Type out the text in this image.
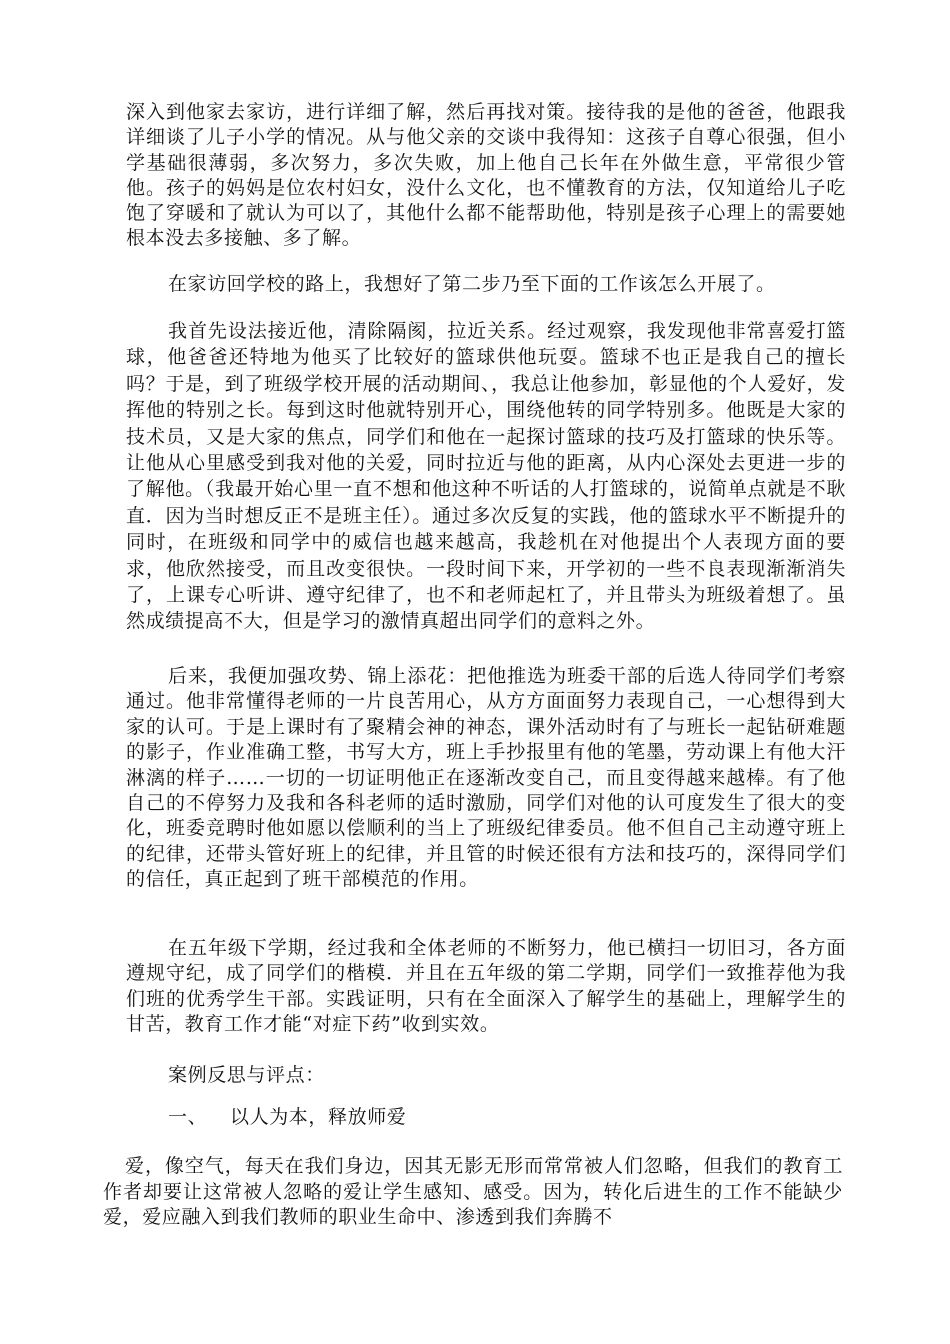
深入到他家去家访，进行详细了解，然后再找对策。接待我的是他的爸爸，他跟我详细谈了儿子小学的情况。从与他父亲的交谈中我得知：这孩子自尊心很强，但小学基础很薄弱，多次努力，多次失败，加上他自己长年在外做生意，平常很少管他。孩子的妈妈是位农村妇女，没什么文化，也不懂教育的方法，仅知道给儿子吃饱了穿暖和了就认为可以了，其他什么都不能帮助他，特别是孩子心理上的需要她根本没去多接触、多了解。

在家访回学校的路上，我想好了第二步乃至下面的工作该怎么开展了。

我首先设法接近他，清除隔阂，拉近关系。经过观察，我发现他非常喜爱打篮球，他爸爸还特地为他买了比较好的篮球供他玩耍。篮球不也正是我自己的擅长吗？于是，到了班级学校开展的活动期间、，我总让他参加，彰显他的个人爱好，发挥他的特别之长。每到这时他就特别开心，围绕他转的同学特别多。他既是大家的技术员，又是大家的焦点，同学们和他在一起探讨篮球的技巧及打篮球的快乐等。让他从心里感受到我对他的关爱，同时拉近与他的距离，从内心深处去更进一步的了解他。（我最开始心里一直不想和他这种不听话的人打篮球的，说简单点就是不耿直．因为当时想反正不是班主任）。通过多次反复的实践，他的篮球水平不断提升的同时，在班级和同学中的威信也越来越高，我趁机在对他提出个人表现方面的要求，他欣然接受，而且改变很快。一段时间下来，开学初的一些不良表现渐渐消失了，上课专心听讲、遵守纪律了，也不和老师起杠了，并且带头为班级着想了。虽然成绩提高不大，但是学习的激情真超出同学们的意料之外。

后来，我便加强攻势、锦上添花：把他推选为班委干部的后选人待同学们考察通过。他非常懂得老师的一片良苦用心，从方方面面努力表现自己，一心想得到大家的认可。于是上课时有了聚精会神的神态，课外活动时有了与班长一起钻研难题的影子，作业准确工整，书写大方，班上手抄报里有他的笔墨，劳动课上有他大汗淋漓的样子……一切的一切证明他正在逐渐改变自己，而且变得越来越棒。有了他自己的不停努力及我和各科老师的适时激励，同学们对他的认可度发生了很大的变化，班委竞聘时他如愿以偿顺利的当上了班级纪律委员。他不但自己主动遵守班上的纪律，还带头管好班上的纪律，并且管的时候还很有方法和技巧的，深得同学们的信任，真正起到了班干部模范的作用。

在五年级下学期，经过我和全体老师的不断努力，他已横扫一切旧习，各方面遵规守纪，成了同学们的楷模．并且在五年级的第二学期，同学们一致推荐他为我们班的优秀学生干部。实践证明，只有在全面深入了解学生的基础上，理解学生的甘苦，教育工作才能“对症下药”收到实效。

案例反思与评点：

一、 以人为本，释放师爱

爱，像空气，每天在我们身边，因其无影无形而常常被人们忽略，但我们的教育工作者却要让这常被人忽略的爱让学生感知、感受。因为，转化后进生的工作不能缺少爱，爱应融入到我们教师的职业生命中、渗透到我们奔腾不
